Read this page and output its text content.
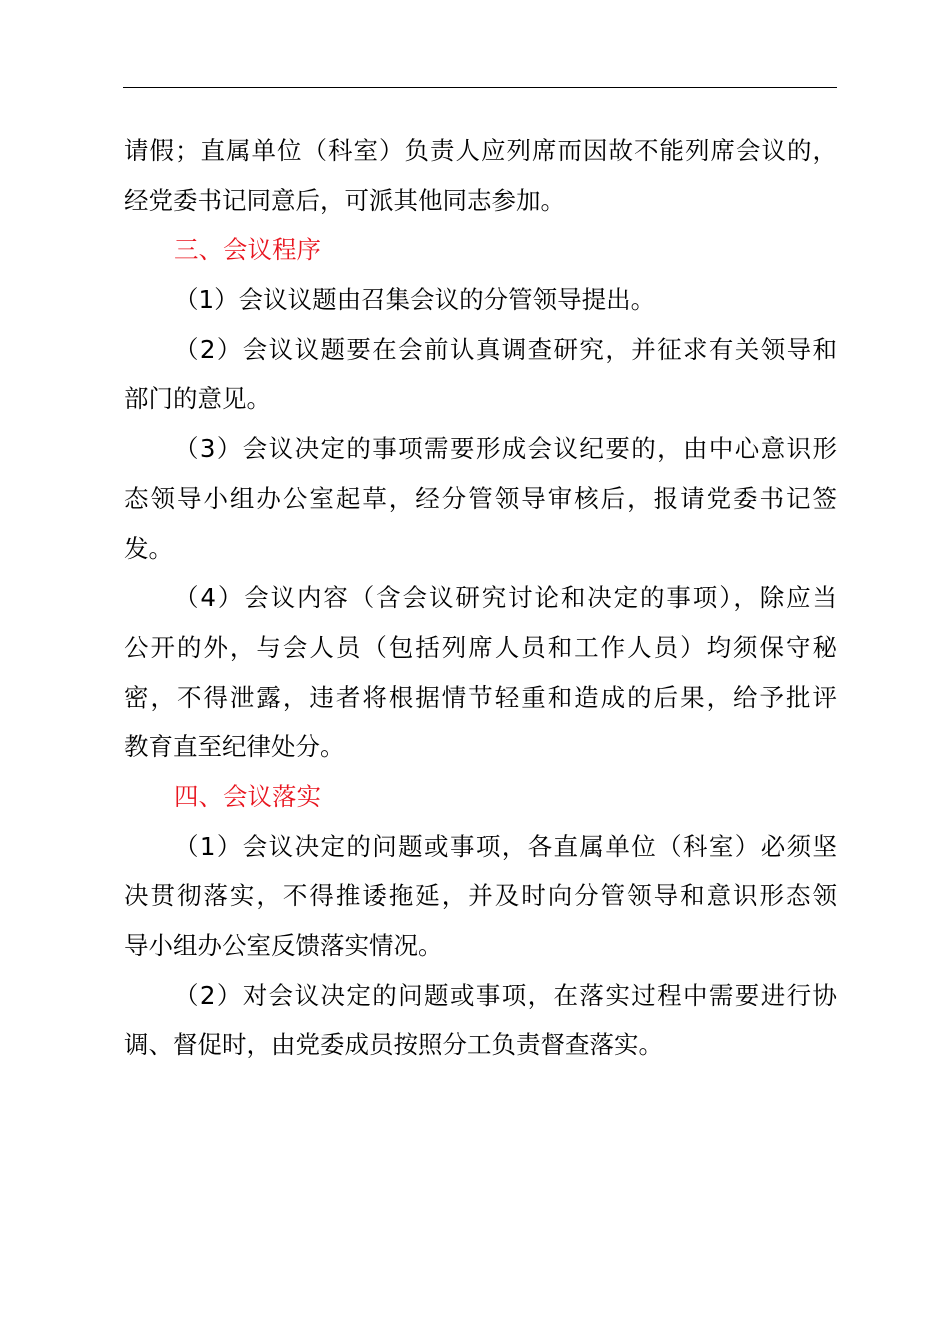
请假；直属单位（科室）负责人应列席而因故不能列席会议的，
经党委书记同意后，可派其他同志参加。
三、会议程序
（1）会议议题由召集会议的分管领导提出。
（2）会议议题要在会前认真调查研究，并征求有关领导和
部门的意见。
（3）会议决定的事项需要形成会议纪要的，由中心意识形
态领导小组办公室起草，经分管领导审核后，报请党委书记签
发。
（4）会议内容（含会议研究讨论和决定的事项），除应当
公开的外，与会人员（包括列席人员和工作人员）均须保守秘
密，不得泄露，违者将根据情节轻重和造成的后果，给予批评
教育直至纪律处分。
四、会议落实
（1）会议决定的问题或事项，各直属单位（科室）必须坚
决贯彻落实，不得推诿拖延，并及时向分管领导和意识形态领
导小组办公室反馈落实情况。
（2）对会议决定的问题或事项，在落实过程中需要进行协
调、督促时，由党委成员按照分工负责督查落实。
